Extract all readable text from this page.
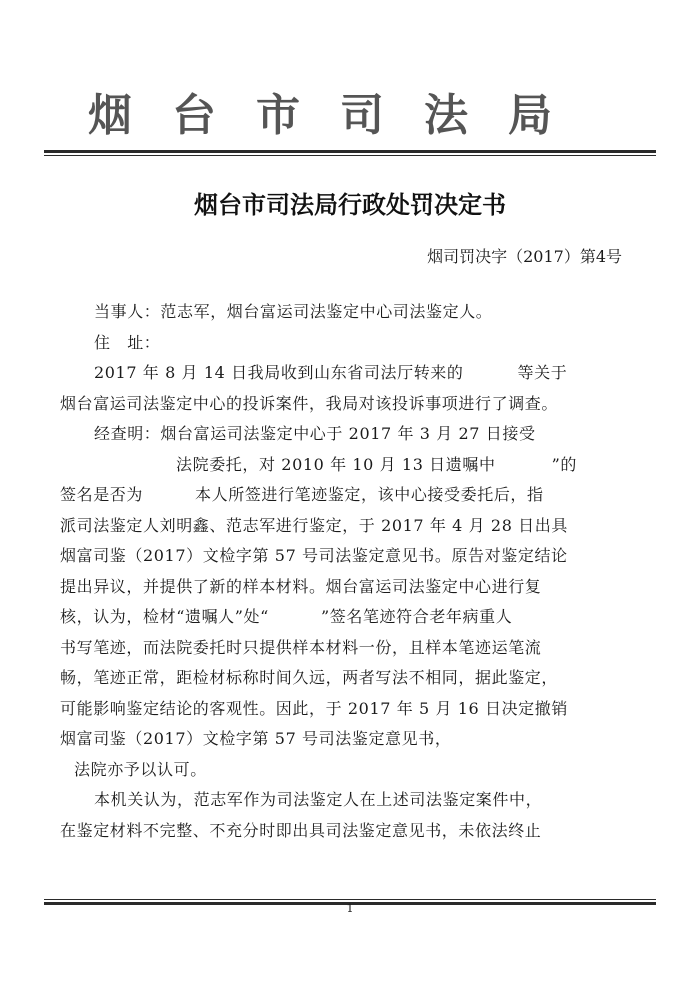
烟台市司法局
烟台市司法局行政处罚决定书
烟司罚决字（2017）第4号
当事人：范志军，烟台富运司法鉴定中心司法鉴定人。
住　址：
2017 年 8 月 14 日我局收到山东省司法厅转来的	等关于
烟台富运司法鉴定中心的投诉案件，我局对该投诉事项进行了调查。
经查明：烟台富运司法鉴定中心于 2017 年 3 月 27 日接受
法院委托，对 2010 年 10 月 13 日遗嘱中	”的
签名是否为	本人所签进行笔迹鉴定，该中心接受委托后，指
派司法鉴定人刘明鑫、范志军进行鉴定，于 2017 年 4 月 28 日出具
烟富司鉴（2017）文检字第 57 号司法鉴定意见书。原告对鉴定结论
提出异议，并提供了新的样本材料。烟台富运司法鉴定中心进行复
核，认为，检材“遗嘱人”处“	”签名笔迹符合老年病重人
书写笔迹，而法院委托时只提供样本材料一份，且样本笔迹运笔流
畅，笔迹正常，距检材标称时间久远，两者写法不相同，据此鉴定，
可能影响鉴定结论的客观性。因此，于 2017 年 5 月 16 日决定撤销
烟富司鉴（2017）文检字第 57 号司法鉴定意见书，
法院亦予以认可。
本机关认为，范志军作为司法鉴定人在上述司法鉴定案件中，
在鉴定材料不完整、不充分时即出具司法鉴定意见书，未依法终止
1
